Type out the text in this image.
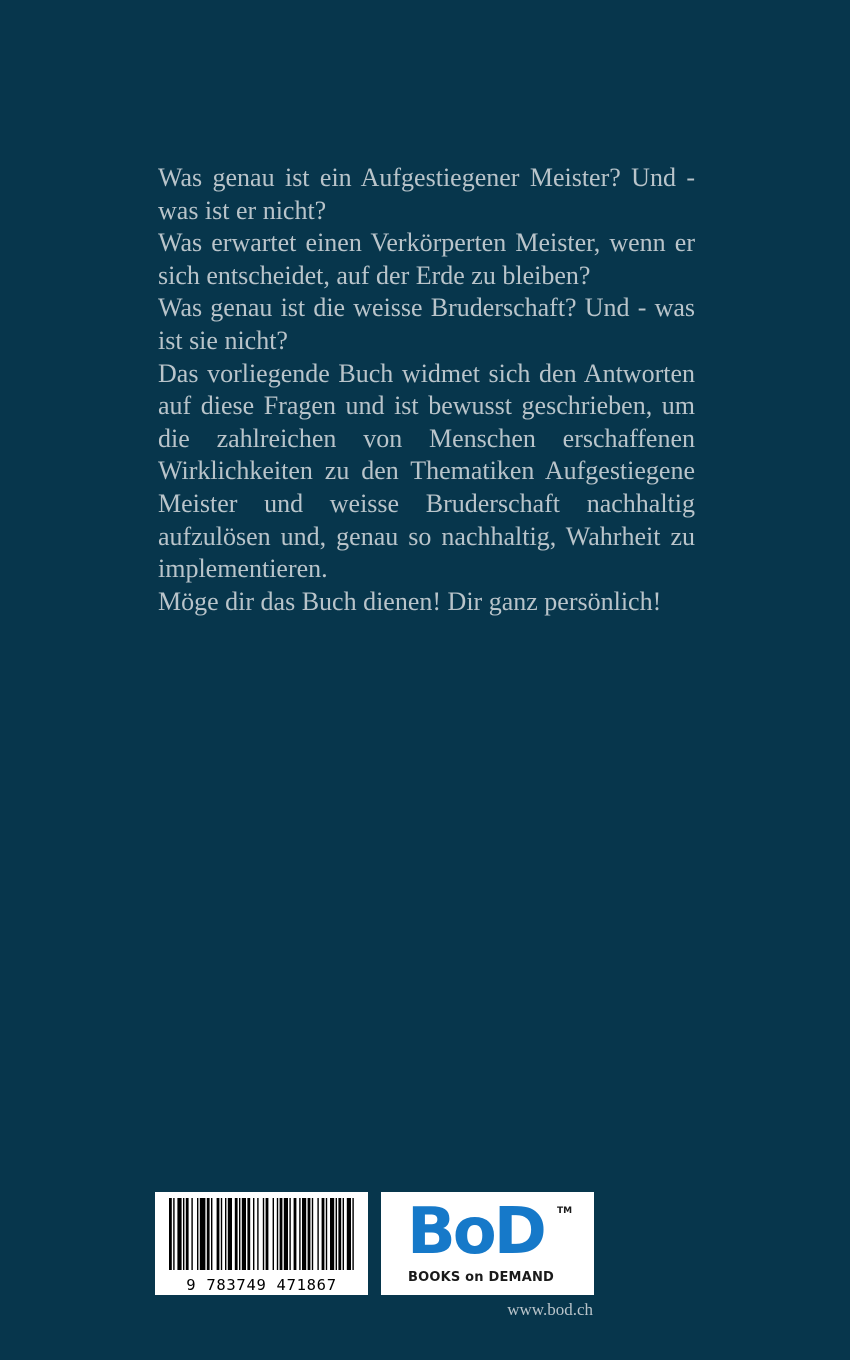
Was genau ist ein Aufgestiegener Meister? Und - was ist er nicht?

Was erwartet einen Verkörperten Meister, wenn er sich entscheidet, auf der Erde zu bleiben?

Was genau ist die weisse Bruderschaft? Und - was ist sie nicht?

Das vorliegende Buch widmet sich den Antworten auf diese Fragen und ist bewusst geschrieben, um die zahlreichen von Menschen erschaffenen Wirklichkeiten zu den Thematiken Aufgestiegene Meister und weisse Bruderschaft nachhaltig aufzulösen und, genau so nachhaltig, Wahrheit zu implementieren.

Möge dir das Buch dienen! Dir ganz persönlich!

9 783749 471867
BoD TM
BOOKS on DEMAND
www.bod.ch
